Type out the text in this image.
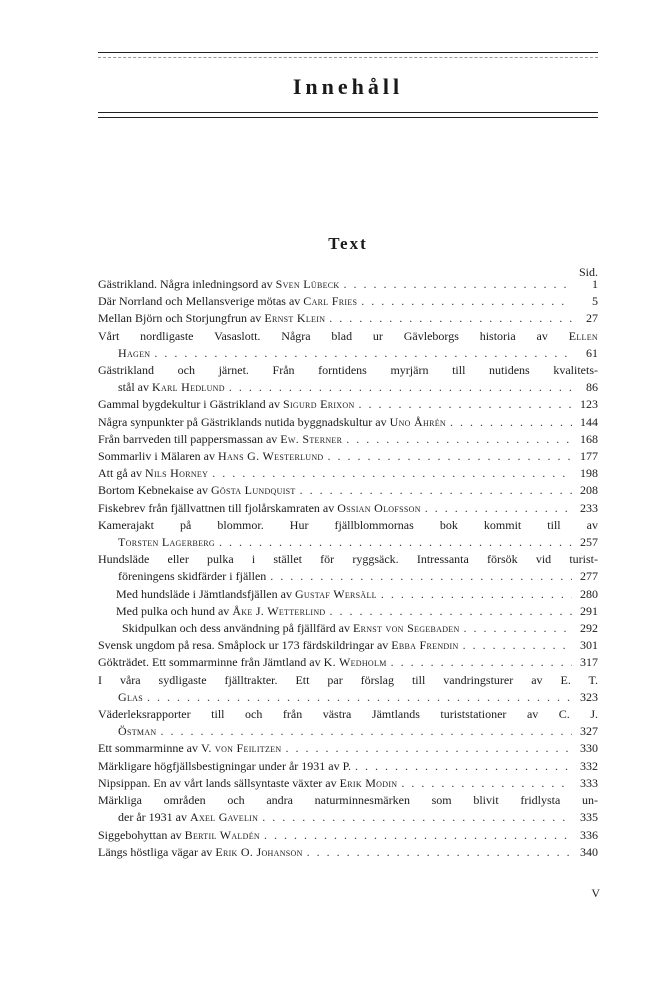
Innehåll
Text
Sid.
Gästrikland. Några inledningsord av Sven Lübeck . . .	1
Där Norrland och Mellansverige mötas av Carl Fries . . .	5
Mellan Björn och Storjungfrun av Ernst Klein . . .	27
Vårt nordligaste Vasaslott. Några blad ur Gävleborgs historia av Ellen
Hagen . . .	61
Gästrikland och järnet. Från forntidens myrjärn till nutidens kvalitets-
stål av Karl Hedlund . . .	86
Gammal bygdekultur i Gästrikland av Sigurd Erixon . . .	123
Några synpunkter på Gästriklands nutida byggnadskultur av Uno Åhrén . . .	144
Från barrveden till pappersmassan av Ew. Sterner . . .	168
Sommarliv i Mälaren av Hans G. Westerlund . . .	177
Att gå av Nils Horney . . .	198
Bortom Kebnekaise av Gösta Lundquist . . .	208
Fiskebrev från fjällvattnen till fjolårskamraten av Ossian Olofsson . . .	233
Kamerajakt på blommor. Hur fjällblommornas bok kommit till av
Torsten Lagerberg . . .	257
Hundsläde eller pulka i stället för ryggsäck. Intressanta försök vid turist-
föreningens skidfärder i fjällen . . .	277
Med hundsläde i Jämtlandsfjällen av Gustaf Wersäll . . .	280
Med pulka och hund av Åke J. Wetterlind . . .	291
Skidpulkan och dess användning på fjällfärd av Ernst von Segebaden . . .	292
Svensk ungdom på resa. Småplock ur 173 färdskildringar av Ebba Frendin . . .	301
Gökträdet. Ett sommarminne från Jämtland av K. Wedholm . . .	317
I våra sydligaste fjälltrakter. Ett par förslag till vandringsturer av E. T.
Glas . . .	323
Väderleksrapporter till och från västra Jämtlands turiststationer av C. J.
Östman . . .	327
Ett sommarminne av V. von Feilitzen . . .	330
Märkligare högfjällsbestigningar under år 1931 av P. . . .	332
Nipsippan. En av vårt lands sällsyntaste växter av Erik Modin . . .	333
Märkliga områden och andra naturminnesmärken som blivit fridlysta un-
der år 1931 av Axel Gavelin . . .	335
Siggebohyttan av Bertil Waldén . . .	336
Längs höstliga vägar av Erik O. Johanson . . .	340
V
